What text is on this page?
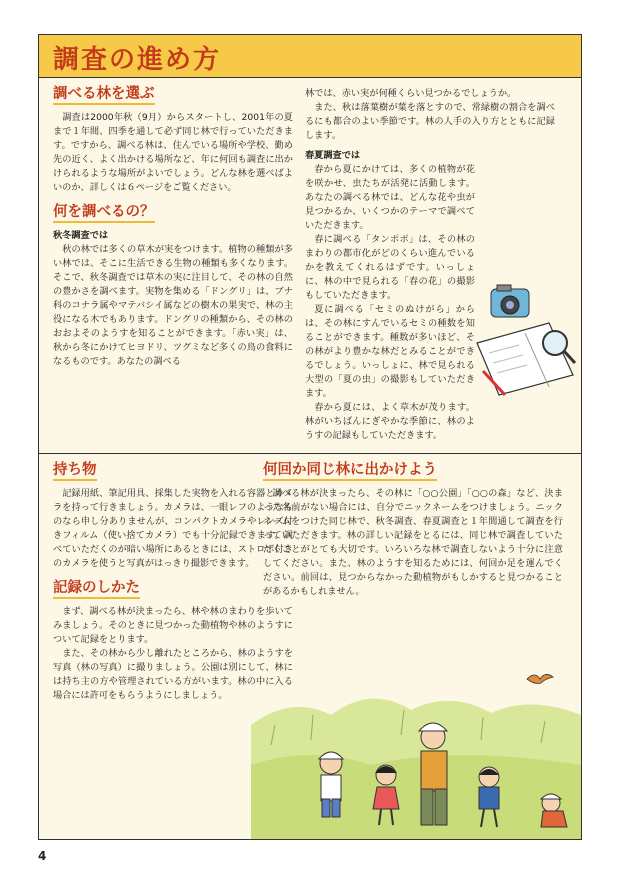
調査の進め方
調べる林を選ぶ

調査は2000年秋（9月）からスタートし、2001年の夏まで１年間、四季を通して必ず同じ林で行っていただきます。ですから、調べる林は、住んでいる場所や学校、勤め先の近く、よく出かける場所など、年に何回も調査に出かけられるような場所がよいでしょう。どんな林を選べばよいのか、詳しくは６ページをご覧ください。

何を調べるの？
秋冬調査では

秋の林では多くの草木が実をつけます。植物の種類が多い林では、そこに生活できる生物の種類も多くなります。そこで、秋冬調査では草木の実に注目して、その林の自然の豊かさを調べます。実物を集める「ドングリ」は、ブナ科のコナラ属やマテバシイ属などの樹木の果実で、林の主役になる木でもあります。ドングリの種類から、その林のおおよそのようすを知ることができます。「赤い実」は、秋から冬にかけてヒヨドリ、ツグミなど多くの鳥の食料になるものです。あなたの調べる

林では、赤い実が何種くらい見つかるでしょうか。

また、秋は落葉樹が葉を落とすので、常緑樹の割合を調べるにも都合のよい季節です。林の人手の入り方とともに記録します。

春夏調査では

春から夏にかけては、多くの植物が花を咲かせ、虫たちが活発に活動します。あなたの調べる林では、どんな花や虫が見つかるか、いくつかのテーマで調べていただきます。

春に調べる「タンポポ」は、その林のまわりの都市化がどのくらい進んでいるかを教えてくれるはずです。いっしょに、林の中で見られる「春の花」の撮影もしていただきます。

夏に調べる「セミのぬけがら」からは、その林にすんでいるセミの種数を知ることができます。種数が多いほど、その林がより豊かな林だとみることができるでしょう。いっしょに、林で見られる大型の「夏の虫」の撮影もしていただきます。

春から夏には、よく草木が茂ります。林がいちばんにぎやかな季節に、林のようすの記録もしていただきます。

持ち物

記録用紙、筆記用具、採集した実物を入れる容器とカメラを持って行きましょう。カメラは、一眼レフのようなものなら申し分ありませんが、コンパクトカメラやレンズ付きフィルム（使い捨てカメラ）でも十分記録できます。調べていただくのが暗い場所にあるときには、ストロボ付きのカメラを使うと写真がはっきり撮影できます。

記録のしかた

まず、調べる林が決まったら、林や林のまわりを歩いてみましょう。そのときに見つかった動植物や林のようすについて記録をとります。

また、その林から少し離れたところから、林のようすを写真（林の写真）に撮りましょう。公園は別にして、林には持ち主の方や管理されている方がいます。林の中に入る場合には許可をもらうようにしましょう。

何回か同じ林に出かけよう

調べる林が決まったら、その林に「○○公園」「○○の森」など、決まった名前がない場合には、自分でニックネームをつけましょう。ニックネームをつけた同じ林で、秋冬調査、春夏調査と１年間通して調査を行っていただきます。林の詳しい記録をとるには、同じ林で調査していただくことがとても大切です。いろいろな林で調査しないよう十分に注意してください。また、林のようすを知るためには、何回か足を運んでください。前回は、見つからなかった動植物がもしかすると見つかることがあるかもしれません。

4
